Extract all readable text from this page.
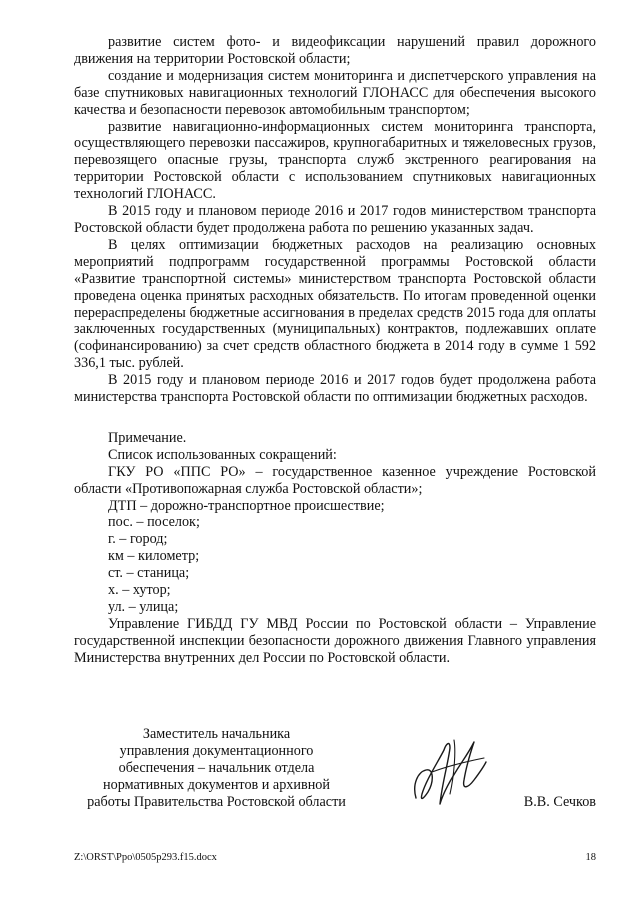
развитие систем фото- и видеофиксации нарушений правил дорожного движения на территории Ростовской области;

создание и модернизация систем мониторинга и диспетчерского управления на базе спутниковых навигационных технологий ГЛОНАСС для обеспечения высокого качества и безопасности перевозок автомобильным транспортом;

развитие навигационно-информационных систем мониторинга транспорта, осуществляющего перевозки пассажиров, крупногабаритных и тяжеловесных грузов, перевозящего опасные грузы, транспорта служб экстренного реагирования на территории Ростовской области с использованием спутниковых навигационных технологий ГЛОНАСС.

В 2015 году и плановом периоде 2016 и 2017 годов министерством транспорта Ростовской области будет продолжена работа по решению указанных задач.

В целях оптимизации бюджетных расходов на реализацию основных мероприятий подпрограмм государственной программы Ростовской области «Развитие транспортной системы» министерством транспорта Ростовской области проведена оценка принятых расходных обязательств. По итогам проведенной оценки перераспределены бюджетные ассигнования в пределах средств 2015 года для оплаты заключенных государственных (муниципальных) контрактов, подлежавших оплате (софинансированию) за счет средств областного бюджета в 2014 году в сумме 1 592 336,1 тыс. рублей.

В 2015 году и плановом периоде 2016 и 2017 годов будет продолжена работа министерства транспорта Ростовской области по оптимизации бюджетных расходов.

Примечание.

Список использованных сокращений:

ГКУ РО «ППС РО» – государственное казенное учреждение Ростовской области «Противопожарная служба Ростовской области»;

ДТП – дорожно-транспортное происшествие;

пос. – поселок;

г. – город;

км – километр;

ст. – станица;

х. – хутор;

ул. – улица;

Управление ГИБДД ГУ МВД России по Ростовской области – Управление государственной инспекции безопасности дорожного движения Главного управления Министерства внутренних дел России по Ростовской области.

Заместитель начальника
управления документационного
обеспечения – начальник отдела
нормативных документов и архивной
работы Правительства Ростовской области	В.В. Сечков
Z:\ORST\Ppo\0505p293.f15.docx	18
